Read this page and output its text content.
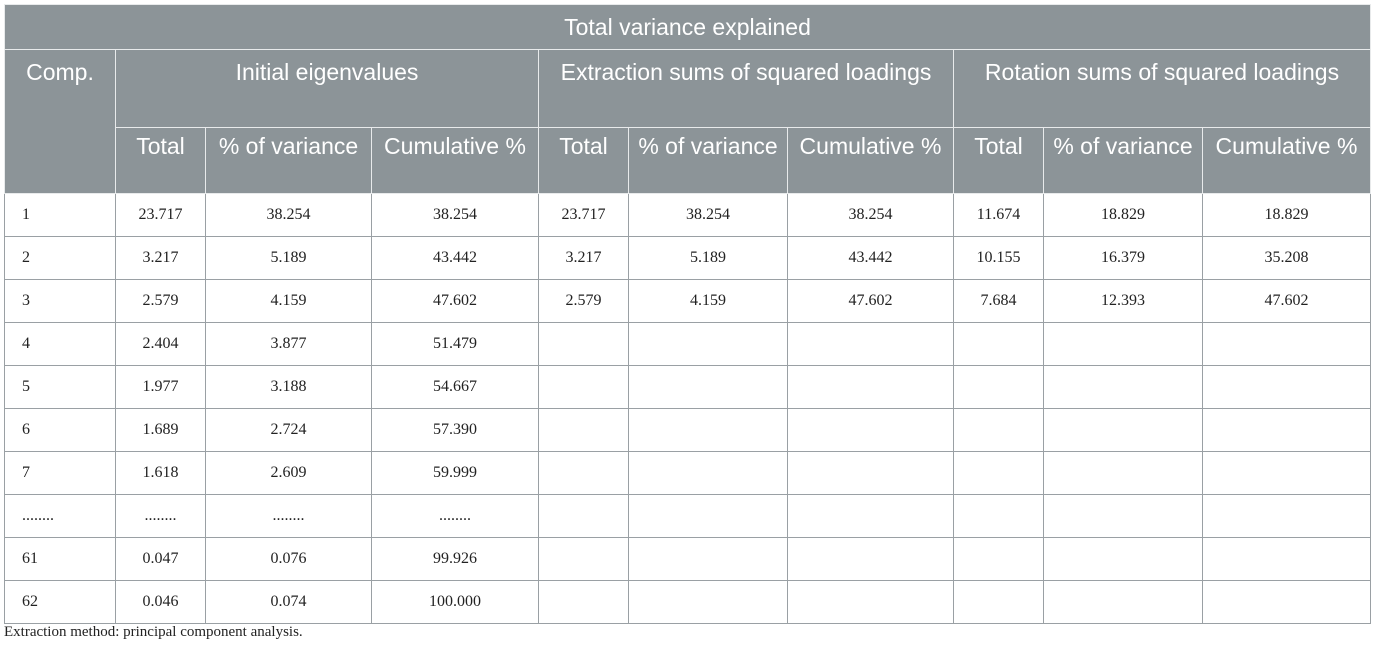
Total variance explained									
Comp.	Initial eigenvalues			Extraction sums of squared loadings			Rotation sums of squared loadings		
	Total	% of variance	Cumulative %	Total	% of variance	Cumulative %	Total	% of variance	Cumulative %
1	23.717	38.254	38.254	23.717	38.254	38.254	11.674	18.829	18.829
2	3.217	5.189	43.442	3.217	5.189	43.442	10.155	16.379	35.208
3	2.579	4.159	47.602	2.579	4.159	47.602	7.684	12.393	47.602
4	2.404	3.877	51.479						
5	1.977	3.188	54.667						
6	1.689	2.724	57.390						
7	1.618	2.609	59.999						
........	........	........	........						
61	0.047	0.076	99.926						
62	0.046	0.074	100.000						
Extraction method: principal component analysis.
